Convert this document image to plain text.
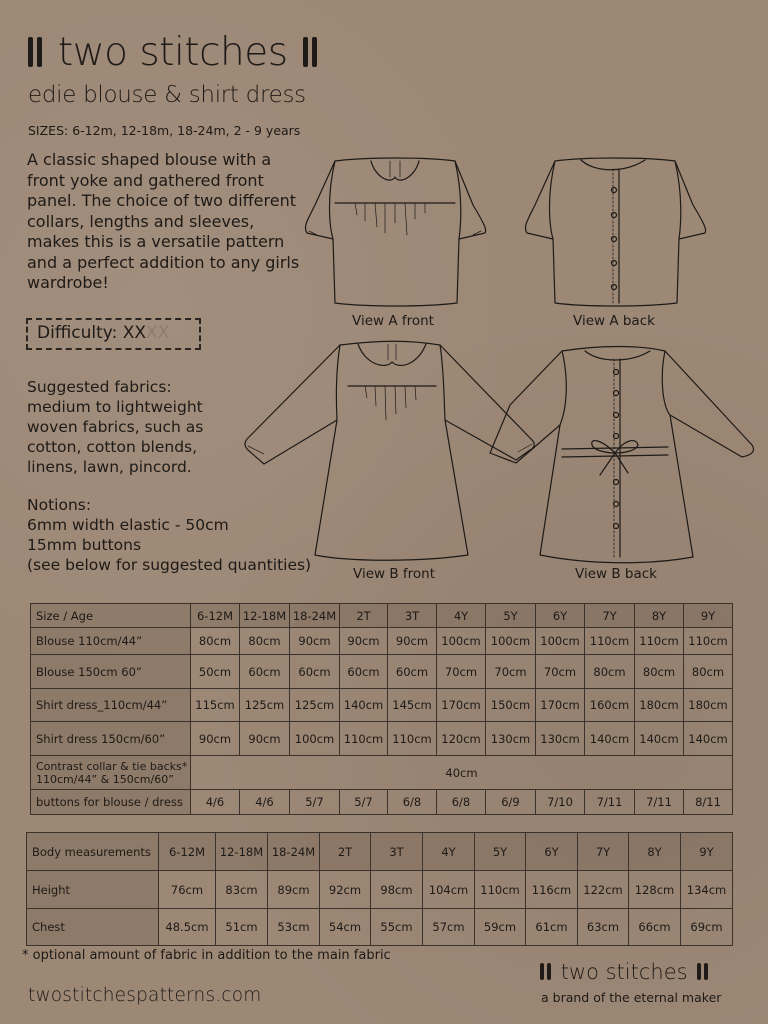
two stitches
edie blouse & shirt dress
SIZES: 6-12m, 12-18m, 18-24m, 2 - 9 years
A classic shaped blouse with a front yoke and gathered front panel. The choice of two different collars, lengths and sleeves, makes this is a versatile pattern and a perfect addition to any girls wardrobe!
Difficulty: XXXX
Suggested fabrics:
medium to lightweight
woven fabrics, such as
cotton, cotton blends,
linens, lawn, pincord.
Notions:
6mm width elastic - 50cm
15mm buttons
(see below for suggested quantities)
View A front	View A back
View B front	View B back
Size / Age	6-12M	12-18M	18-24M	2T	3T	4Y	5Y	6Y	7Y	8Y	9Y
Blouse 110cm/44”	80cm	80cm	90cm	90cm	90cm	100cm	100cm	100cm	110cm	110cm	110cm
Blouse 150cm 60”	50cm	60cm	60cm	60cm	60cm	70cm	70cm	70cm	80cm	80cm	80cm
Shirt dress_110cm/44”	115cm	125cm	125cm	140cm	145cm	170cm	150cm	170cm	160cm	180cm	180cm
Shirt dress 150cm/60”	90cm	90cm	100cm	110cm	110cm	120cm	130cm	130cm	140cm	140cm	140cm

Contrast collar & tie backs*
110cm/44” & 150cm/60”	40cm										
buttons for blouse / dress	4/6	4/6	5/7	5/7	6/8	6/8	6/9	7/10	7/11	7/11	8/11
Body measurements	6-12M	12-18M	18-24M	2T	3T	4Y	5Y	6Y	7Y	8Y	9Y
Height	76cm	83cm	89cm	92cm	98cm	104cm	110cm	116cm	122cm	128cm	134cm
Chest	48.5cm	51cm	53cm	54cm	55cm	57cm	59cm	61cm	63cm	66cm	69cm
* optional amount of fabric in addition to the main fabric
twostitchespatterns.com
two stitches
a brand of the eternal maker
